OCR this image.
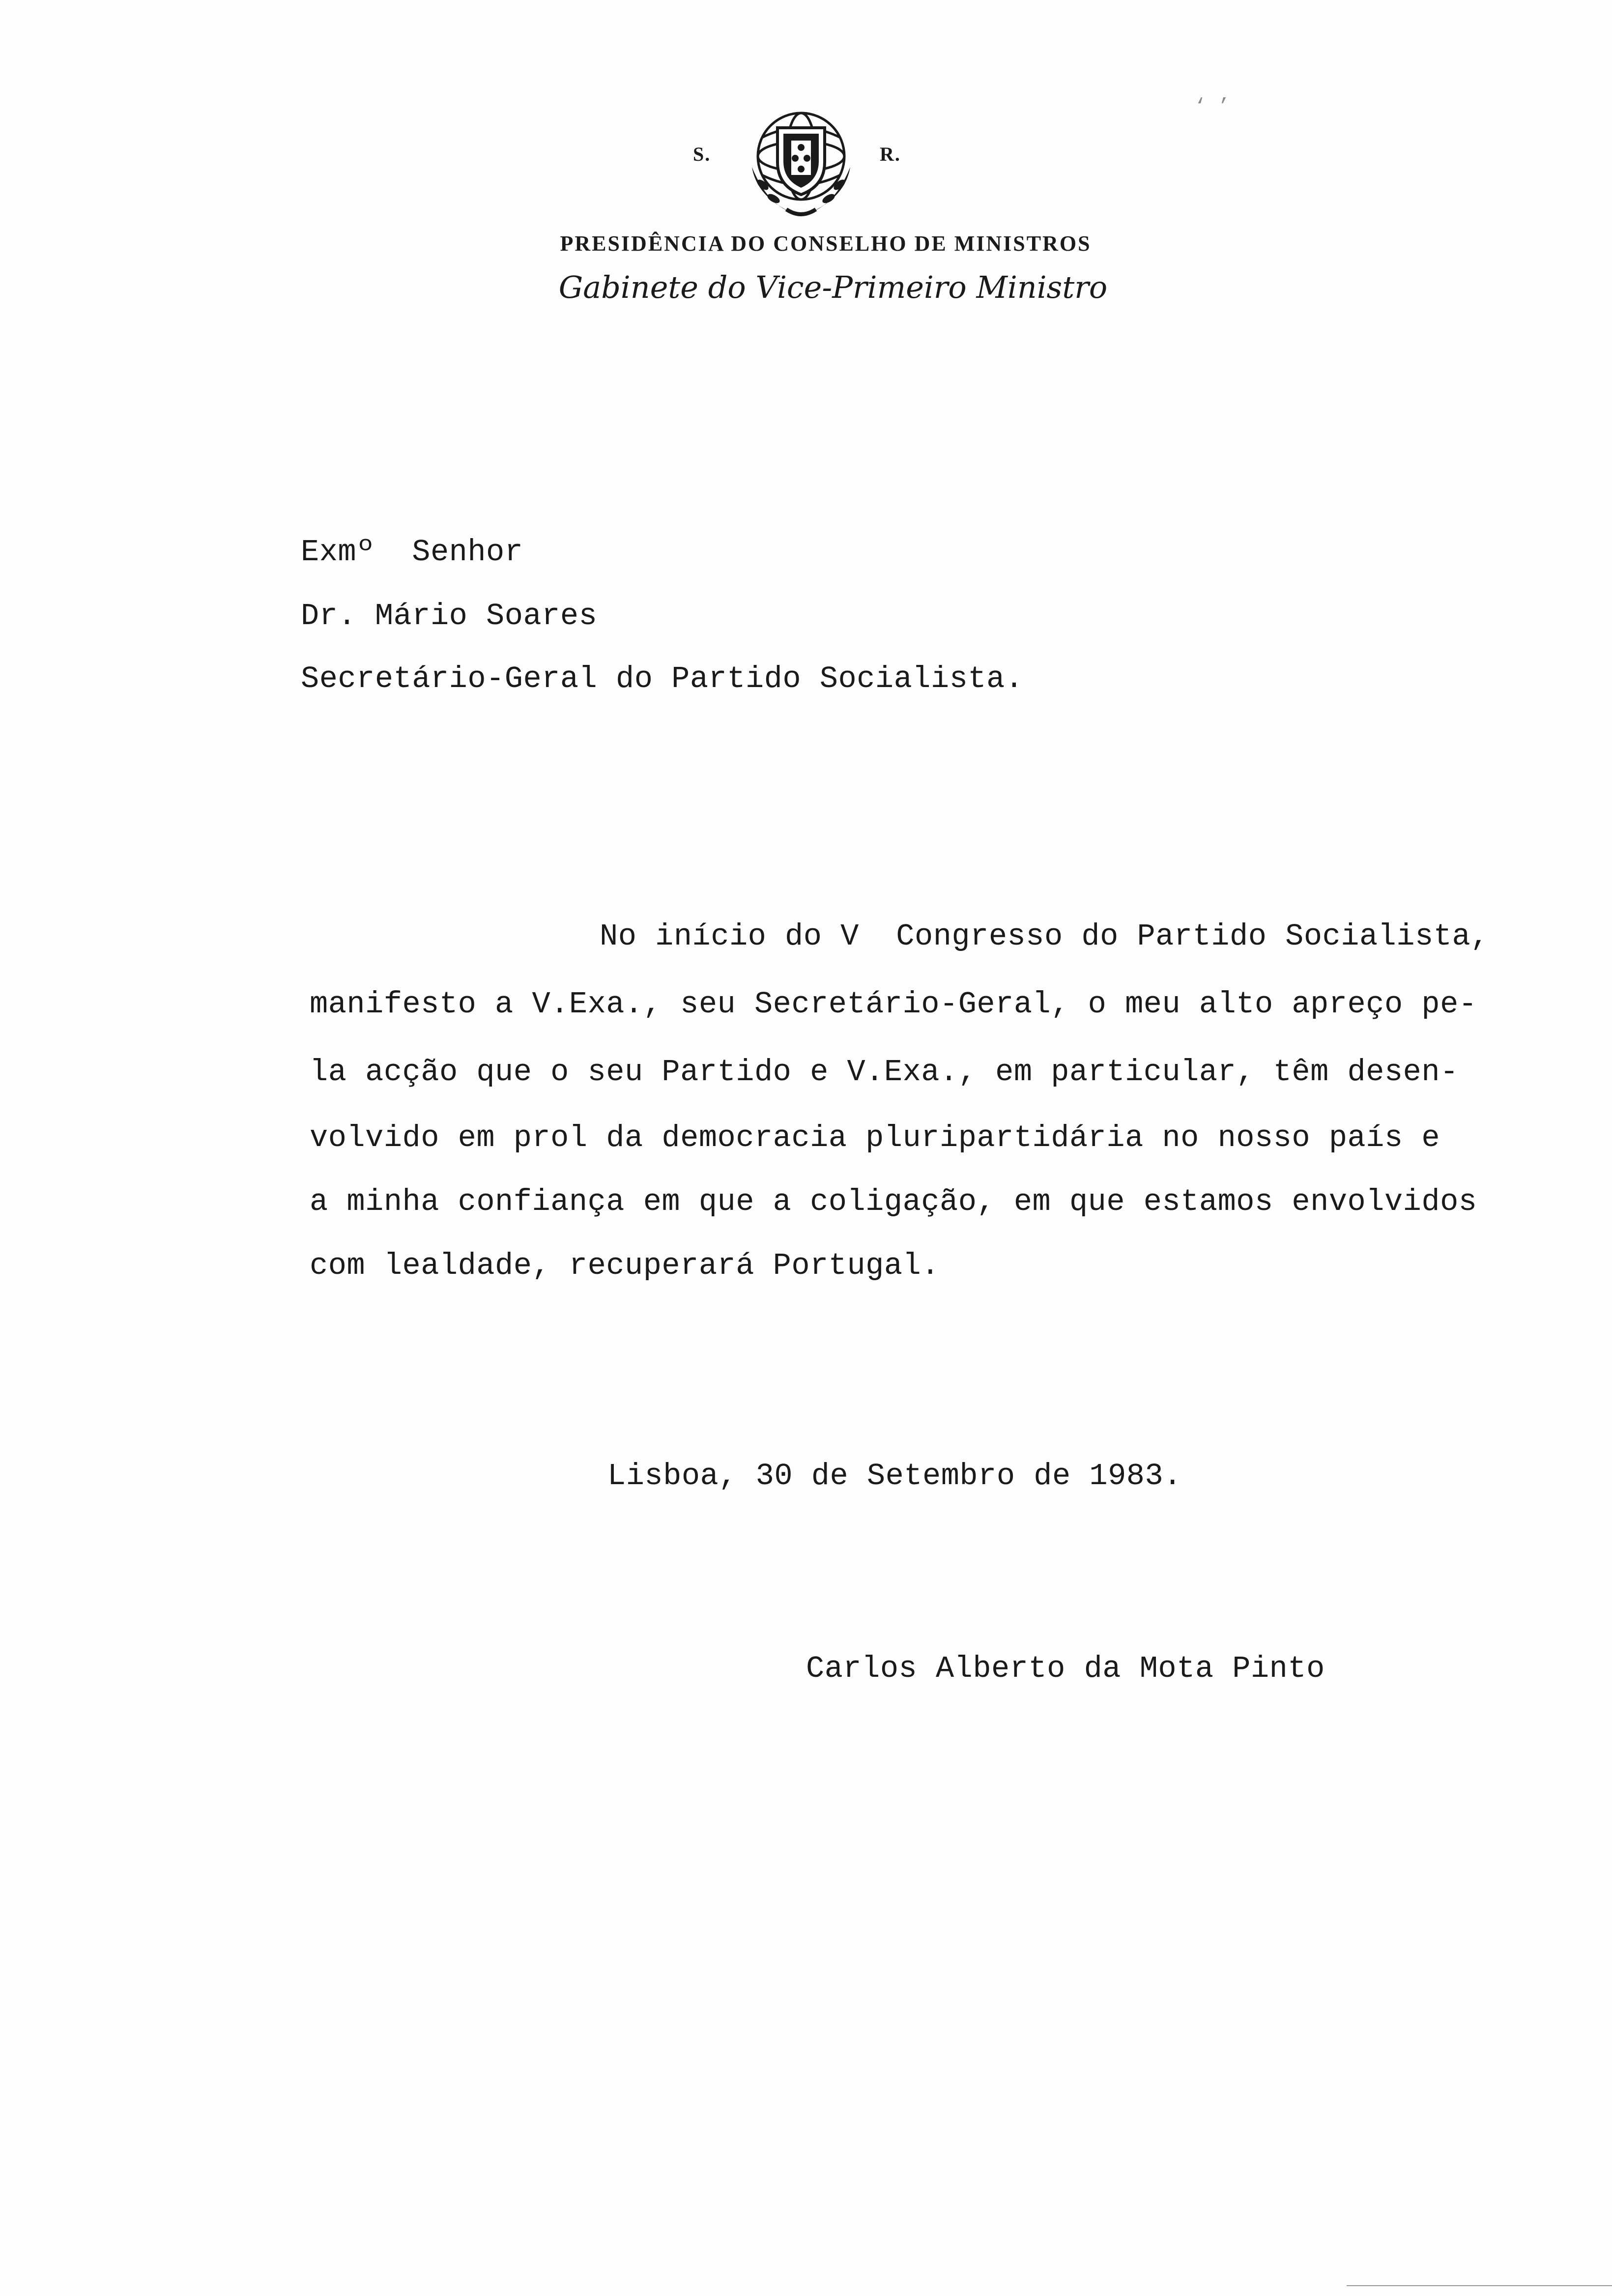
S.	R.
PRESIDÊNCIA DO CONSELHO DE MINISTROS
Gabinete do Vice-Primeiro Ministro
‘ ’
Exmº  Senhor
Dr. Mário Soares
Secretário-Geral do Partido Socialista.
No início do V  Congresso do Partido Socialista,
manifesto a V.Exa., seu Secretário-Geral, o meu alto apreço pe-
la acção que o seu Partido e V.Exa., em particular, têm desen-
volvido em prol da democracia pluripartidária no nosso país e
a minha confiança em que a coligação, em que estamos envolvidos
com lealdade, recuperará Portugal.
Lisboa, 30 de Setembro de 1983.
Carlos Alberto da Mota Pinto
